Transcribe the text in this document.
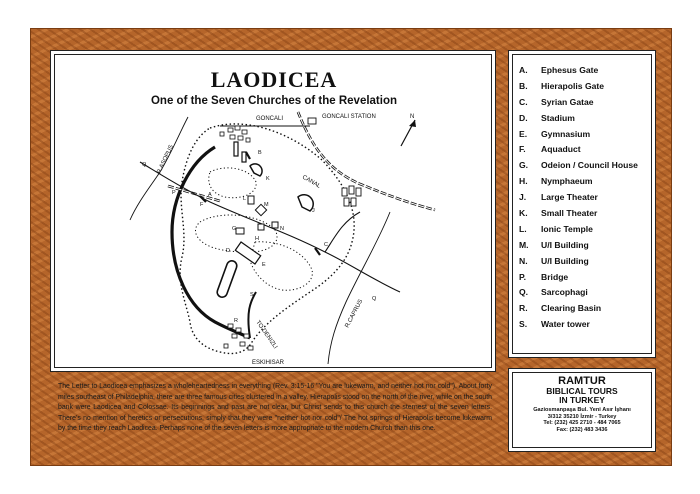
LAODICEA
One of the Seven Churches of the Revelation
N
GONCALI	GONCALI STATION
CANAL
R.ASOPUS
R.CAPRUS
TO DENIZLI
ESKIHISAR
A
B
C
D
E
F
G
H
J
K
L
M
N
P
Q
Q
R
S
A. Ephesus Gate
B. Hierapolis Gate
C. Syrian Gatae
D. Stadium
E. Gymnasium
F. Aquaduct
G. Odeion / Council House
H. Nymphaeum
J. Large Theater
K. Small Theater
L. Ionic Temple
M. U/I Building
N. U/I Building
P. Bridge
Q. Sarcophagi
R. Clearing Basin
S. Water tower

The Letter to Laodicea emphasizes a wholeheartedness in everything (Rev. 3:15-16 "You are lukewarm, and neither hot nor cold"). About forty miles southeast of Philadelphia, there are three famous cities clustered in a valley. Hierapolis stood on the north of the river, while on the south bank were Laodicea and Colossae. Its beginnings and past are not clear, but Christ sends to this church the sternest of the seven letters. There's no mention of heretics or persecutions, simply that they were "neither hot nor cold"/ The hot springs of Hierapolis become lukewarm by the time they reach Laodicea. Perhaps none of the seven letters is more appropriate to the modern Church than this one.

RAMTUR

BIBLICAL TOURS

IN TURKEY

Gaziosmanpaşa Bul. Yeni Asır İşhanı

3/312 35210 İzmir - Turkey

Tel: (232) 425 2710 - 484 7065

Fax: (232) 483 3436
